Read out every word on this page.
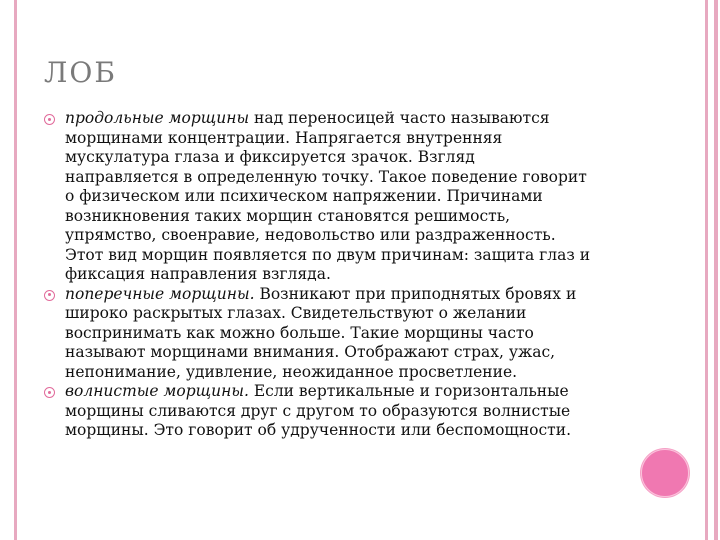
ЛОБ
продольные морщины над переносицей часто называются морщинами концентрации. Напрягается внутренняя мускулатура глаза и фиксируется зрачок. Взгляд направляется в определенную точку. Такое поведение говорит о физическом или психическом напряжении. Причинами возникновения таких морщин становятся решимость, упрямство, своенравие, недовольство или раздраженность. Этот вид морщин появляется по двум причинам: защита глаз и фиксация направления взгляда.
поперечные морщины. Возникают при приподнятых бровях и широко раскрытых глазах. Свидетельствуют о желании воспринимать как можно больше. Такие морщины часто называют морщинами внимания. Отображают страх, ужас, непонимание, удивление, неожиданное просветление.
волнистые морщины. Если вертикальные и горизонтальные морщины сливаются друг с другом то образуются волнистые морщины. Это говорит об удрученности или беспомощности.
